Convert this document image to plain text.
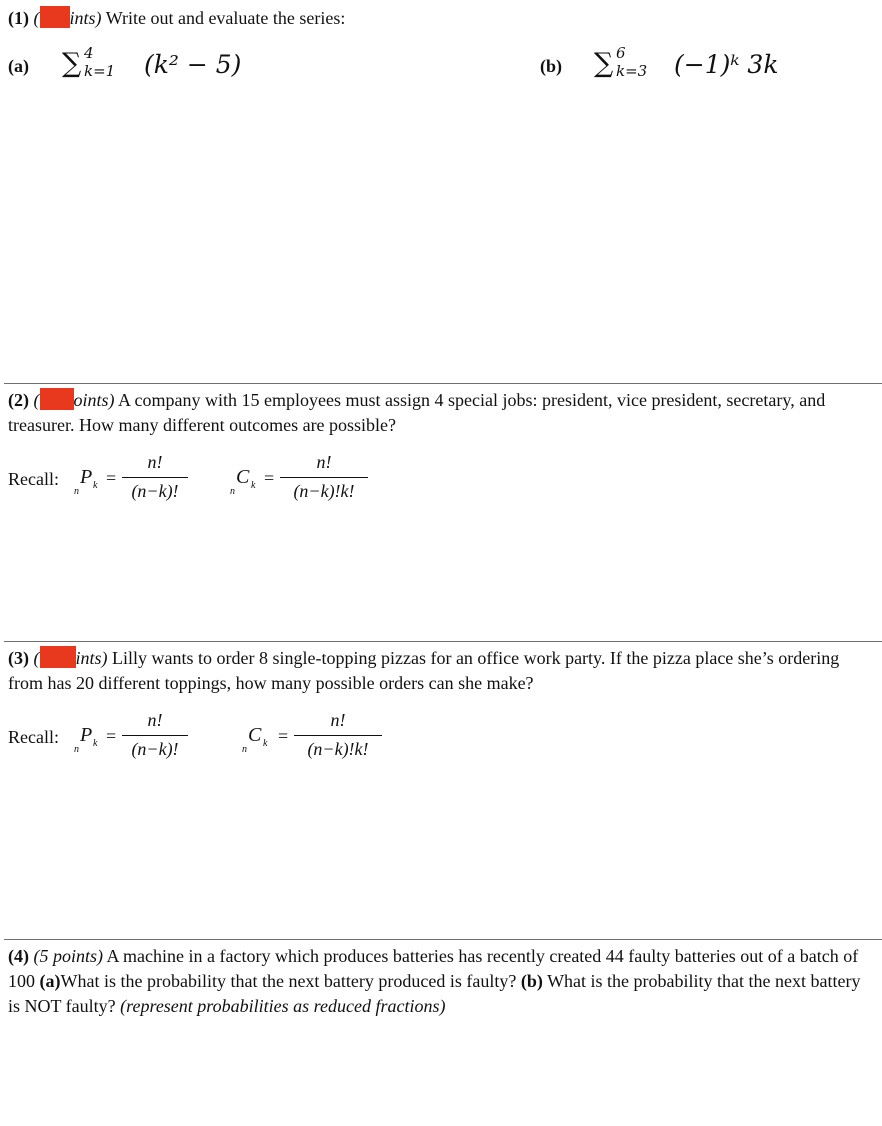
(1) ( ints) Write out and evaluate the series:
(a) ∑ 4
k=1 (k² − 5)	(b) ∑ 6
k=3 (−1)ᵏ 3k
(2) ( oints) A company with 15 employees must assign 4 special jobs: president, vice president, secretary, and treasurer. How many different outcomes are possible?
Recall:
n
P k =
n!
(n−k)!	n
C k =
n!
(n−k)!k!
(3) ( ints) Lilly wants to order 8 single-topping pizzas for an office work party. If the pizza place she’s ordering from has 20 different toppings, how many possible orders can she make?
Recall:
n
P k =
n!
(n−k)!	n
C k =
n!
(n−k)!k!
(4) (5 points) A machine in a factory which produces batteries has recently created 44 faulty batteries out of a batch of 100 (a)What is the probability that the next battery produced is faulty? (b) What is the probability that the next battery is NOT faulty? (represent probabilities as reduced fractions)
